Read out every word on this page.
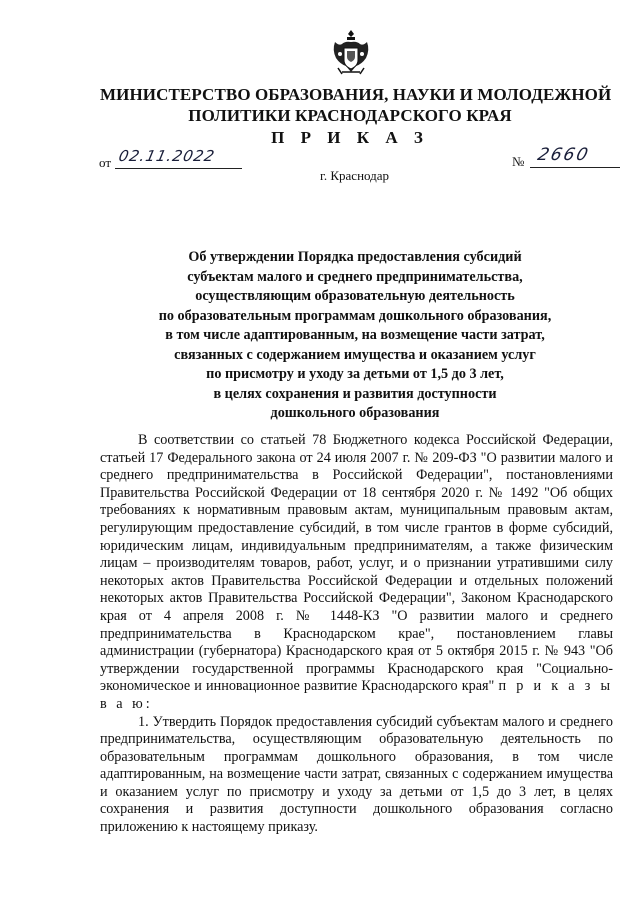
МИНИСТЕРСТВО ОБРАЗОВАНИЯ, НАУКИ И МОЛОДЕЖНОЙ
ПОЛИТИКИ КРАСНОДАРСКОГО КРАЯ
П Р И К А З
от 02.11.2022	№ 2660
г. Краснодар
Об утверждении Порядка предоставления субсидий
субъектам малого и среднего предпринимательства,
осуществляющим образовательную деятельность
по образовательным программам дошкольного образования,
в том числе адаптированным, на возмещение части затрат,
связанных с содержанием имущества и оказанием услуг
по присмотру и уходу за детьми от 1,5 до 3 лет,
в целях сохранения и развития доступности
дошкольного образования

В соответствии со статьей 78 Бюджетного кодекса Российской Федерации, статьей 17 Федерального закона от 24 июля 2007 г. № 209-ФЗ "О развитии малого и среднего предпринимательства в Российской Федерации", постановлениями Правительства Российской Федерации от 18 сентября 2020 г. № 1492 "Об общих требованиях к нормативным правовым актам, муниципальным правовым актам, регулирующим предоставление субсидий, в том числе грантов в форме субсидий, юридическим лицам, индивидуальным предпринимателям, а также физическим лицам – производителям товаров, работ, услуг, и о признании утратившими силу некоторых актов Правительства Российской Федерации и отдельных положений некоторых актов Правительства Российской Федерации", Законом Краснодарского края от 4 апреля 2008 г. № 1448-КЗ "О развитии малого и среднего предпринимательства в Краснодарском крае", постановлением главы администрации (губернатора) Краснодарского края от 5 октября 2015 г. № 943 "Об утверждении государственной программы Краснодарского края "Социально-экономическое и инновационное развитие Краснодарского края" п р и к а з ы в а ю:

1. Утвердить Порядок предоставления субсидий субъектам малого и среднего предпринимательства, осуществляющим образовательную деятельность по образовательным программам дошкольного образования, в том числе адаптированным, на возмещение части затрат, связанных с содержанием имущества и оказанием услуг по присмотру и уходу за детьми от 1,5 до 3 лет, в целях сохранения и развития доступности дошкольного образования согласно приложению к настоящему приказу.
